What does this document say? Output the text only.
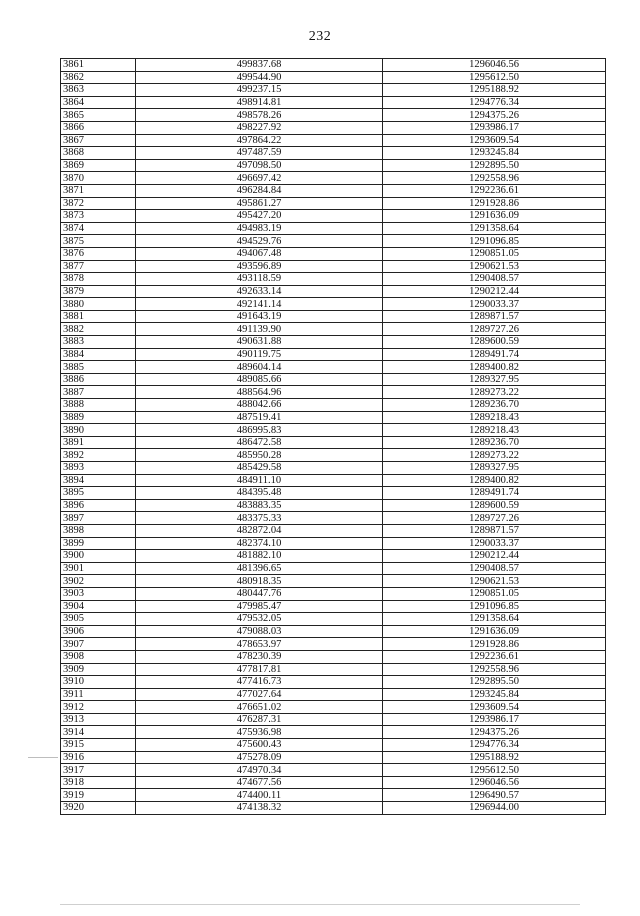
232
3861	499837.68	1296046.56
3862	499544.90	1295612.50
3863	499237.15	1295188.92
3864	498914.81	1294776.34
3865	498578.26	1294375.26
3866	498227.92	1293986.17
3867	497864.22	1293609.54
3868	497487.59	1293245.84
3869	497098.50	1292895.50
3870	496697.42	1292558.96
3871	496284.84	1292236.61
3872	495861.27	1291928.86
3873	495427.20	1291636.09
3874	494983.19	1291358.64
3875	494529.76	1291096.85
3876	494067.48	1290851.05
3877	493596.89	1290621.53
3878	493118.59	1290408.57
3879	492633.14	1290212.44
3880	492141.14	1290033.37
3881	491643.19	1289871.57
3882	491139.90	1289727.26
3883	490631.88	1289600.59
3884	490119.75	1289491.74
3885	489604.14	1289400.82
3886	489085.66	1289327.95
3887	488564.96	1289273.22
3888	488042.66	1289236.70
3889	487519.41	1289218.43
3890	486995.83	1289218.43
3891	486472.58	1289236.70
3892	485950.28	1289273.22
3893	485429.58	1289327.95
3894	484911.10	1289400.82
3895	484395.48	1289491.74
3896	483883.35	1289600.59
3897	483375.33	1289727.26
3898	482872.04	1289871.57
3899	482374.10	1290033.37
3900	481882.10	1290212.44
3901	481396.65	1290408.57
3902	480918.35	1290621.53
3903	480447.76	1290851.05
3904	479985.47	1291096.85
3905	479532.05	1291358.64
3906	479088.03	1291636.09
3907	478653.97	1291928.86
3908	478230.39	1292236.61
3909	477817.81	1292558.96
3910	477416.73	1292895.50
3911	477027.64	1293245.84
3912	476651.02	1293609.54
3913	476287.31	1293986.17
3914	475936.98	1294375.26
3915	475600.43	1294776.34
3916	475278.09	1295188.92
3917	474970.34	1295612.50
3918	474677.56	1296046.56
3919	474400.11	1296490.57
3920	474138.32	1296944.00
